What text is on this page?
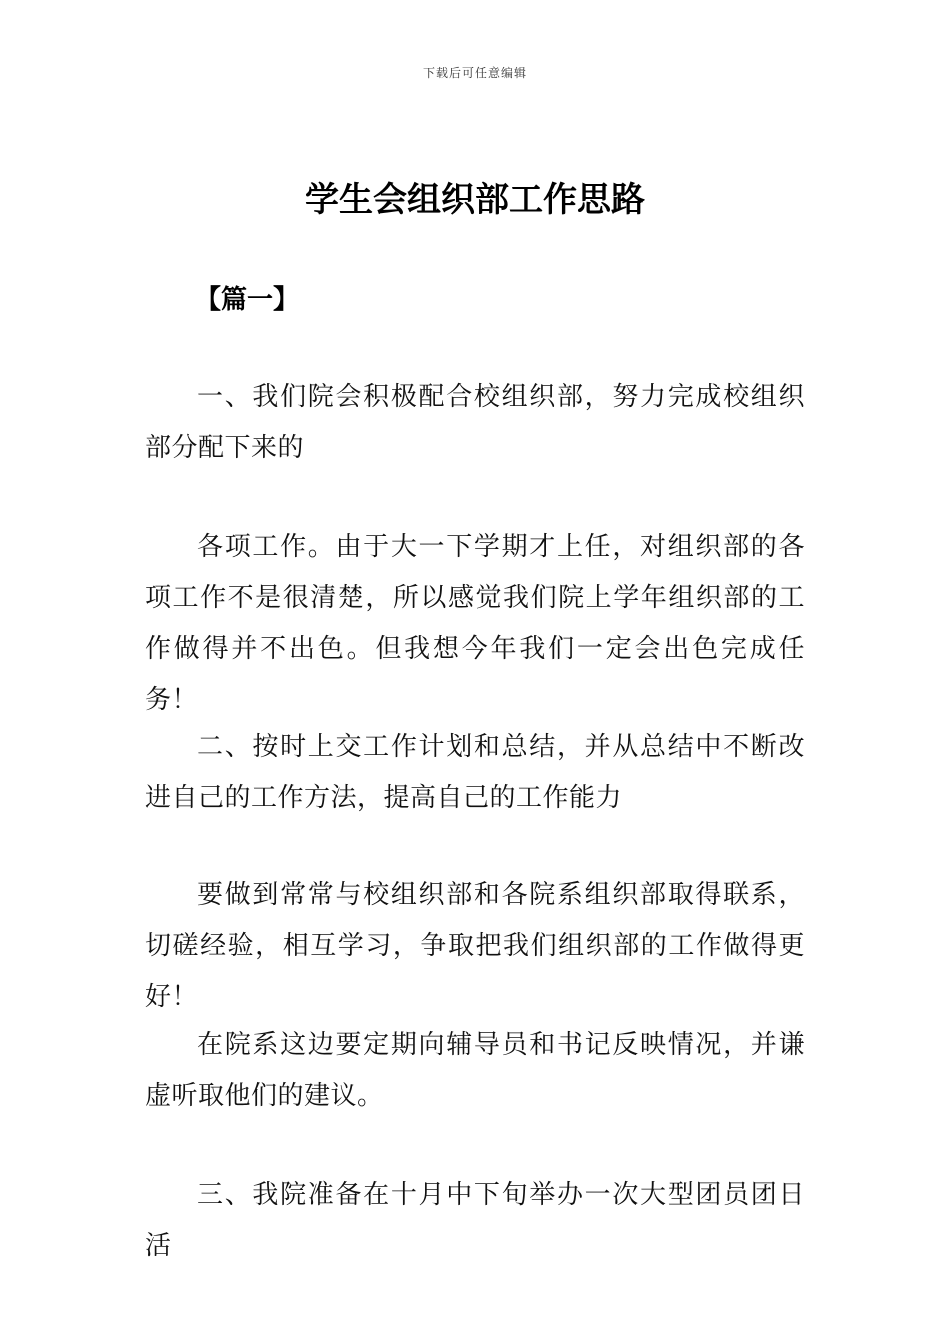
下载后可任意编辑
学生会组织部工作思路
【篇一】

一、我们院会积极配合校组织部，努力完成校组织部分配下来的

各项工作。由于大一下学期才上任，对组织部的各项工作不是很清楚，所以感觉我们院上学年组织部的工作做得并不出色。但我想今年我们一定会出色完成任务！

二、按时上交工作计划和总结，并从总结中不断改进自己的工作方法，提高自己的工作能力

要做到常常与校组织部和各院系组织部取得联系，切磋经验，相互学习，争取把我们组织部的工作做得更好！

在院系这边要定期向辅导员和书记反映情况，并谦虚听取他们的建议。

三、我院准备在十月中下旬举办一次大型团员团日活
